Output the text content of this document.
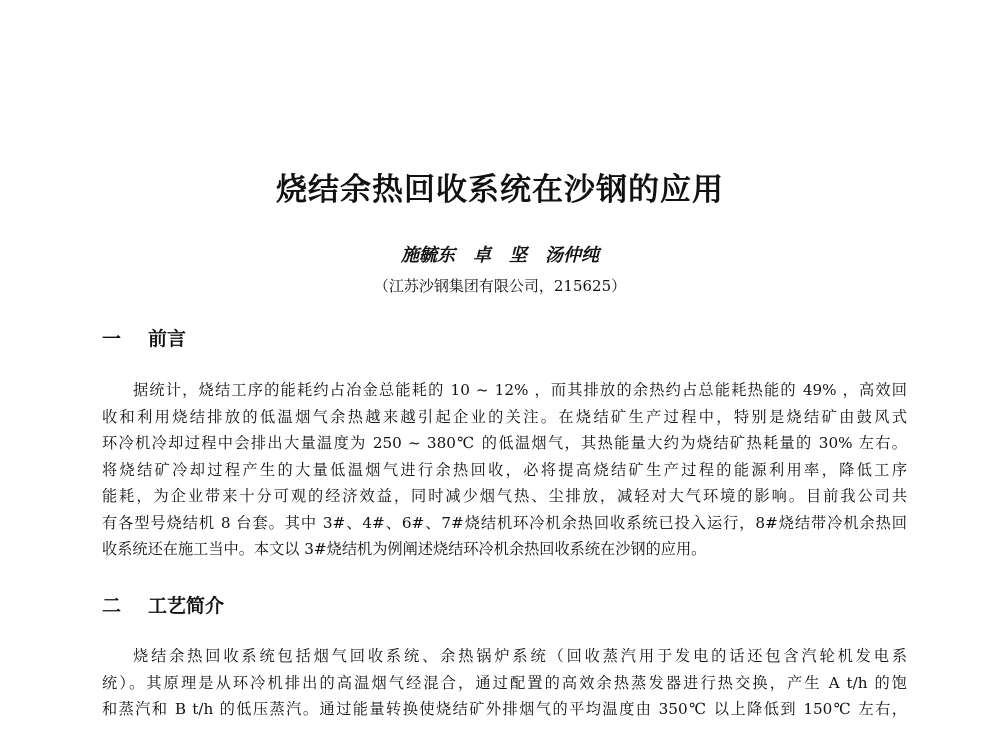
烧结余热回收系统在沙钢的应用
施毓东　卓　坚　汤仲纯
（江苏沙钢集团有限公司，215625）
一 前言
据统计，烧结工序的能耗约占冶金总能耗的 10 ~ 12% ，而其排放的余热约占总能耗热能的 49% ，高效回
收和利用烧结排放的低温烟气余热越来越引起企业的关注。在烧结矿生产过程中，特别是烧结矿由鼓风式
环冷机冷却过程中会排出大量温度为 250 ~ 380℃ 的低温烟气，其热能量大约为烧结矿热耗量的 30% 左右。
将烧结矿冷却过程产生的大量低温烟气进行余热回收，必将提高烧结矿生产过程的能源利用率，降低工序
能耗，为企业带来十分可观的经济效益，同时减少烟气热、尘排放，减轻对大气环境的影响。目前我公司共
有各型号烧结机 8 台套。其中 3#、4#、6#、7#烧结机环冷机余热回收系统已投入运行，8#烧结带冷机余热回
收系统还在施工当中。本文以 3#烧结机为例阐述烧结环冷机余热回收系统在沙钢的应用。
二 工艺简介
烧结余热回收系统包括烟气回收系统、余热锅炉系统（回收蒸汽用于发电的话还包含汽轮机发电系
统）。其原理是从环冷机排出的高温烟气经混合，通过配置的高效余热蒸发器进行热交换，产生 A t/h 的饱
和蒸汽和 B t/h 的低压蒸汽。通过能量转换使烧结矿外排烟气的平均温度由 350℃ 以上降低到 150℃ 左右，
